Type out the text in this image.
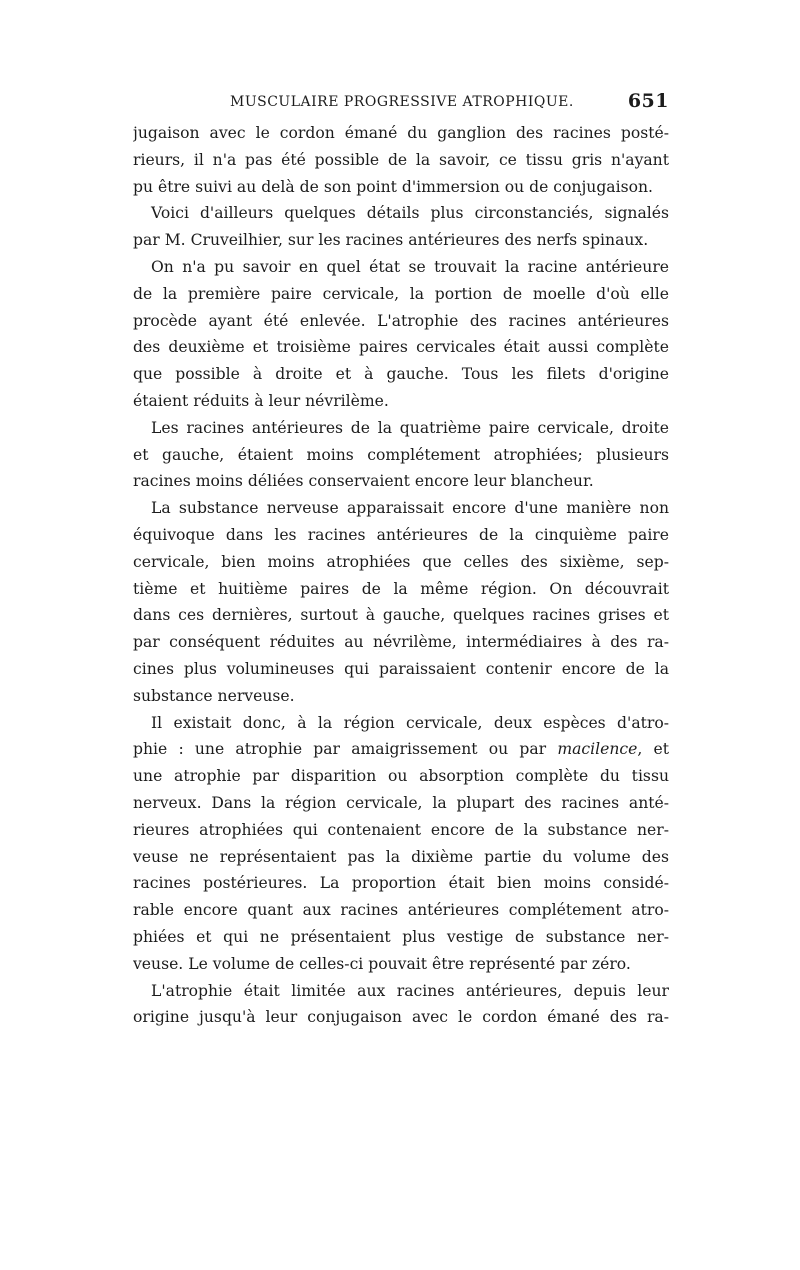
MUSCULAIRE PROGRESSIVE ATROPHIQUE.	651
jugaison avec le cordon émané du ganglion des racines posté-
rieurs, il n'a pas été possible de la savoir, ce tissu gris n'ayant
pu être suivi au delà de son point d'immersion ou de conjugaison.
Voici d'ailleurs quelques détails plus circonstanciés, signalés
par M. Cruveilhier, sur les racines antérieures des nerfs spinaux.
On n'a pu savoir en quel état se trouvait la racine antérieure
de la première paire cervicale, la portion de moelle d'où elle
procède ayant été enlevée. L'atrophie des racines antérieures
des deuxième et troisième paires cervicales était aussi complète
que possible à droite et à gauche. Tous les filets d'origine
étaient réduits à leur névrilème.
Les racines antérieures de la quatrième paire cervicale, droite
et gauche, étaient moins complétement atrophiées; plusieurs
racines moins déliées conservaient encore leur blancheur.
La substance nerveuse apparaissait encore d'une manière non
équivoque dans les racines antérieures de la cinquième paire
cervicale, bien moins atrophiées que celles des sixième, sep-
tième et huitième paires de la même région. On découvrait
dans ces dernières, surtout à gauche, quelques racines grises et
par conséquent réduites au névrilème, intermédiaires à des ra-
cines plus volumineuses qui paraissaient contenir encore de la
substance nerveuse.
Il existait donc, à la région cervicale, deux espèces d'atro-
phie : une atrophie par amaigrissement ou par macilence, et
une atrophie par disparition ou absorption complète du tissu
nerveux. Dans la région cervicale, la plupart des racines anté-
rieures atrophiées qui contenaient encore de la substance ner-
veuse ne représentaient pas la dixième partie du volume des
racines postérieures. La proportion était bien moins considé-
rable encore quant aux racines antérieures complétement atro-
phiées et qui ne présentaient plus vestige de substance ner-
veuse. Le volume de celles-ci pouvait être représenté par zéro.
L'atrophie était limitée aux racines antérieures, depuis leur
origine jusqu'à leur conjugaison avec le cordon émané des ra-
